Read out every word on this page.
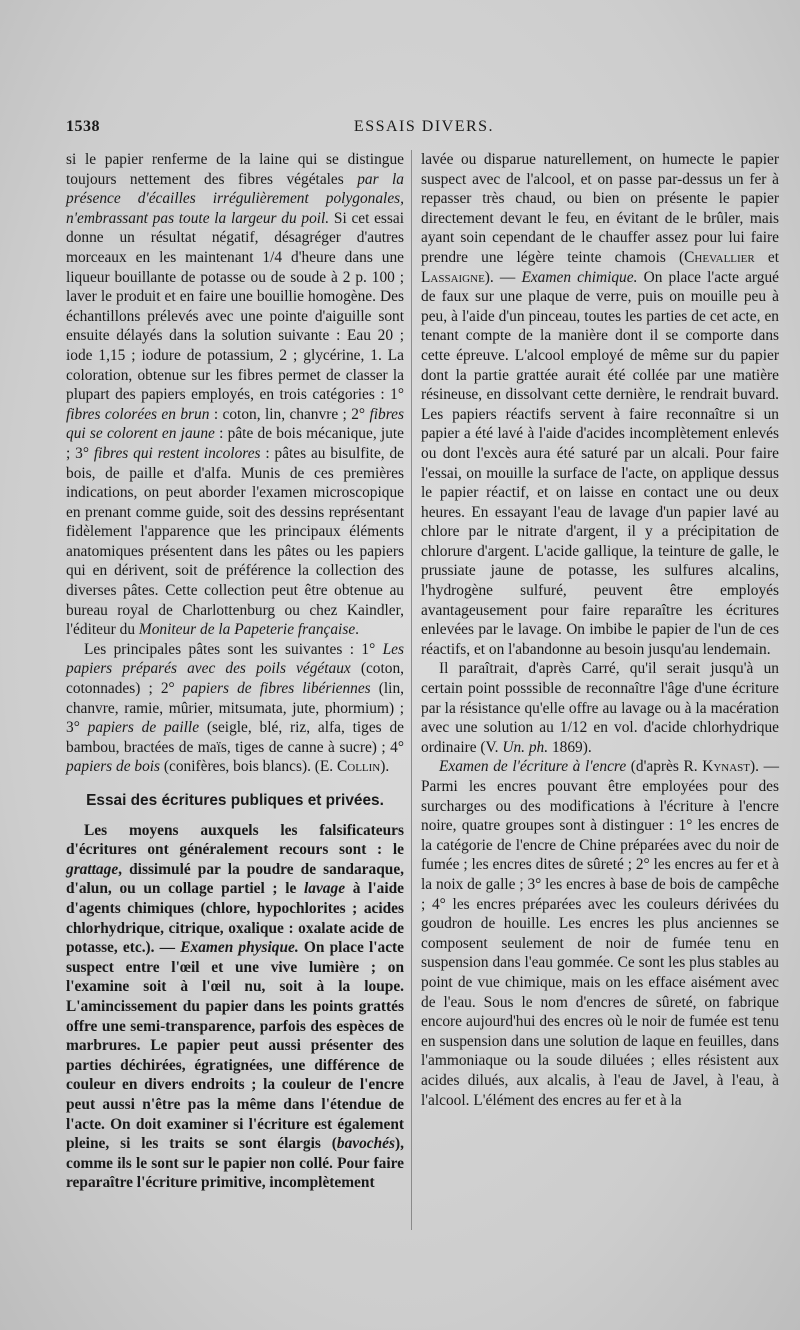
1538	ESSAIS DIVERS.

si le papier renferme de la laine qui se distingue toujours nettement des fibres végétales par la présence d'écailles irrégulièrement polygonales, n'embrassant pas toute la largeur du poil. Si cet essai donne un résultat négatif, désagréger d'autres morceaux en les maintenant 1/4 d'heure dans une liqueur bouillante de potasse ou de soude à 2 p. 100 ; laver le produit et en faire une bouillie homogène. Des échantillons prélevés avec une pointe d'aiguille sont ensuite délayés dans la solution suivante : Eau 20 ; iode 1,15 ; iodure de potassium, 2 ; glycérine, 1. La coloration, obtenue sur les fibres permet de classer la plupart des papiers employés, en trois catégories : 1° fibres colorées en brun : coton, lin, chanvre ; 2° fibres qui se colorent en jaune : pâte de bois mécanique, jute ; 3° fibres qui restent incolores : pâtes au bisulfite, de bois, de paille et d'alfa. Munis de ces premières indications, on peut aborder l'examen microscopique en prenant comme guide, soit des dessins représentant fidèlement l'apparence que les principaux éléments anatomiques présentent dans les pâtes ou les papiers qui en dérivent, soit de préférence la collection des diverses pâtes. Cette collection peut être obtenue au bureau royal de Charlottenburg ou chez Kaindler, l'éditeur du Moniteur de la Papeterie française.

Les principales pâtes sont les suivantes : 1° Les papiers préparés avec des poils végétaux (coton, cotonnades) ; 2° papiers de fibres libériennes (lin, chanvre, ramie, mûrier, mitsumata, jute, phormium) ; 3° papiers de paille (seigle, blé, riz, alfa, tiges de bambou, bractées de maïs, tiges de canne à sucre) ; 4° papiers de bois (conifères, bois blancs). (E. Collin).

Essai des écritures publiques et privées.

Les moyens auxquels les falsificateurs d'écritures ont généralement recours sont : le grattage, dissimulé par la poudre de sandaraque, d'alun, ou un collage partiel ; le lavage à l'aide d'agents chimiques (chlore, hypochlorites ; acides chlorhydrique, citrique, oxalique : oxalate acide de potasse, etc.). — Examen physique. On place l'acte suspect entre l'œil et une vive lumière ; on l'examine soit à l'œil nu, soit à la loupe. L'amincissement du papier dans les points grattés offre une semi-transparence, parfois des espèces de marbrures. Le papier peut aussi présenter des parties déchirées, égratignées, une différence de couleur en divers endroits ; la couleur de l'encre peut aussi n'être pas la même dans l'étendue de l'acte. On doit examiner si l'écriture est également pleine, si les traits se sont élargis (bavochés), comme ils le sont sur le papier non collé. Pour faire reparaître l'écriture primitive, incomplètement

lavée ou disparue naturellement, on humecte le papier suspect avec de l'alcool, et on passe par-dessus un fer à repasser très chaud, ou bien on présente le papier directement devant le feu, en évitant de le brûler, mais ayant soin cependant de le chauffer assez pour lui faire prendre une légère teinte chamois (Chevallier et Lassaigne). — Examen chimique. On place l'acte argué de faux sur une plaque de verre, puis on mouille peu à peu, à l'aide d'un pinceau, toutes les parties de cet acte, en tenant compte de la manière dont il se comporte dans cette épreuve. L'alcool employé de même sur du papier dont la partie grattée aurait été collée par une matière résineuse, en dissolvant cette dernière, le rendrait buvard. Les papiers réactifs servent à faire reconnaître si un papier a été lavé à l'aide d'acides incomplètement enlevés ou dont l'excès aura été saturé par un alcali. Pour faire l'essai, on mouille la surface de l'acte, on applique dessus le papier réactif, et on laisse en contact une ou deux heures. En essayant l'eau de lavage d'un papier lavé au chlore par le nitrate d'argent, il y a précipitation de chlorure d'argent. L'acide gallique, la teinture de galle, le prussiate jaune de potasse, les sulfures alcalins, l'hydrogène sulfuré, peuvent être employés avantageusement pour faire reparaître les écritures enlevées par le lavage. On imbibe le papier de l'un de ces réactifs, et on l'abandonne au besoin jusqu'au lendemain.

Il paraîtrait, d'après Carré, qu'il serait jusqu'à un certain point posssible de reconnaître l'âge d'une écriture par la résistance qu'elle offre au lavage ou à la macération avec une solution au 1/12 en vol. d'acide chlorhydrique ordinaire (V. Un. ph. 1869).

Examen de l'écriture à l'encre (d'après R. Kynast). — Parmi les encres pouvant être employées pour des surcharges ou des modifications à l'écriture à l'encre noire, quatre groupes sont à distinguer : 1° les encres de la catégorie de l'encre de Chine préparées avec du noir de fumée ; les encres dites de sûreté ; 2° les encres au fer et à la noix de galle ; 3° les encres à base de bois de campêche ; 4° les encres préparées avec les couleurs dérivées du goudron de houille. Les encres les plus anciennes se composent seulement de noir de fumée tenu en suspension dans l'eau gommée. Ce sont les plus stables au point de vue chimique, mais on les efface aisément avec de l'eau. Sous le nom d'encres de sûreté, on fabrique encore aujourd'hui des encres où le noir de fumée est tenu en suspension dans une solution de laque en feuilles, dans l'ammoniaque ou la soude diluées ; elles résistent aux acides dilués, aux alcalis, à l'eau de Javel, à l'eau, à l'alcool. L'élément des encres au fer et à la
